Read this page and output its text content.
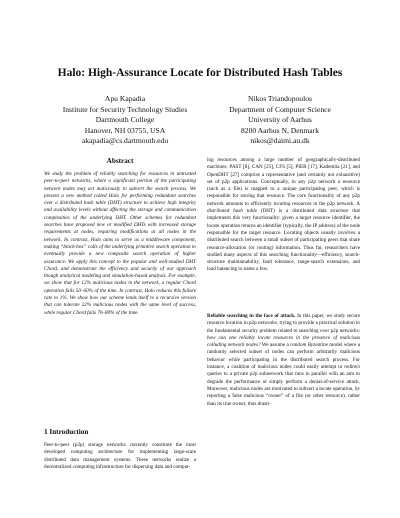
Halo: High-Assurance Locate for Distributed Hash Tables
Apu Kapadia
Institute for Security Technology Studies
Dartmouth College
Hanover, NH 03755, USA
akapadia@cs.dartmouth.edu
Nikos Triandopoulos
Department of Computer Science
University of Aarhus
8200 Aarhus N, Denmark
nikos@daimi.au.dk
Abstract

We study the problem of reliably searching for resources in untrusted peer-to-peer networks, where a significant portion of the participating network nodes may act maliciously to subvert the search process. We present a new method called Halo for performing redundant searches over a distributed hash table (DHT) structure to achieve high integrity and availability levels without affecting the storage and communication complexities of the underlying DHT. Other schemes for redundant searches have proposed new or modified DHTs with increased storage requirements at nodes, requiring modifications at all nodes in the network. In contrast, Halo aims to serve as a middleware component, making “black-box” calls of the underlying primitive search operation to eventually provide a new composite search operation of higher assurance. We apply this concept to the popular and well-studied DHT Chord, and demonstrate the efficiency and security of our approach though analytical modeling and simulation-based analysis. For example, we show that for 12% malicious nodes in the network, a regular Chord operation fails 50–60% of the time. In contrast, Halo reduces this failure rate to 1%. We show how our scheme lends itself to a recursive version that can tolerate 22% malicious nodes with the same level of success, while regular Chord fails 70–80% of the time.

1 Introduction

Peer-to-peer (p2p) storage networks currently constitute the most developed computing architecture for implementing large-scale distributed data management systems. These networks realize a decentralized computing infrastructure for dispersing data and comput-

ing resources among a large number of geographically-distributed machines: PAST [8], CAN [25], CFS [5], PIER [17], Kademlia [21], and OpenDHT [27] comprise a representative (and certainly not exhaustive) set of p2p applications. Conceptually, in any p2p network a resource (such as a file) is mapped to a unique participating peer, which is responsible for storing that resource. The core functionality of any p2p network amounts to efficiently locating resources in the p2p network. A distributed hash table (DHT) is a distributed data structure that implements this very functionality: given a target resource identifier, the locate operation returns an identifier (typically, the IP address) of the node responsible for the target resource. Locating objects usually involves a distributed search between a small subset of participating peers that share resource-allocation (or routing) information. Thus far, researchers have studied many aspects of this searching functionality—efficiency, search-structure maintainability, fault tolerance, range-search extensions, and load balancing to name a few.

Reliable searching in the face of attack. In this paper, we study secure resource location in p2p networks, trying to provide a practical solution to the fundamental security problem related to searching over p2p networks: how can one reliably locate resources in the presence of malicious colluding network nodes? We assume a random Byzantine model where a randomly selected subset of nodes can perform arbitrarily malicious behavior while participating in the distributed search process. For instance, a coalition of malicious nodes could easily attempt to redirect queries to a private p2p subnetwork that runs in parallel with an aim to degrade the performance or simply perform a denial-of-service attack. Moreover, malicious nodes are motivated to subvert a locate operation, by reporting a false malicious “owner” of a file (or other resource), rather than its true owner, thus drasti-
